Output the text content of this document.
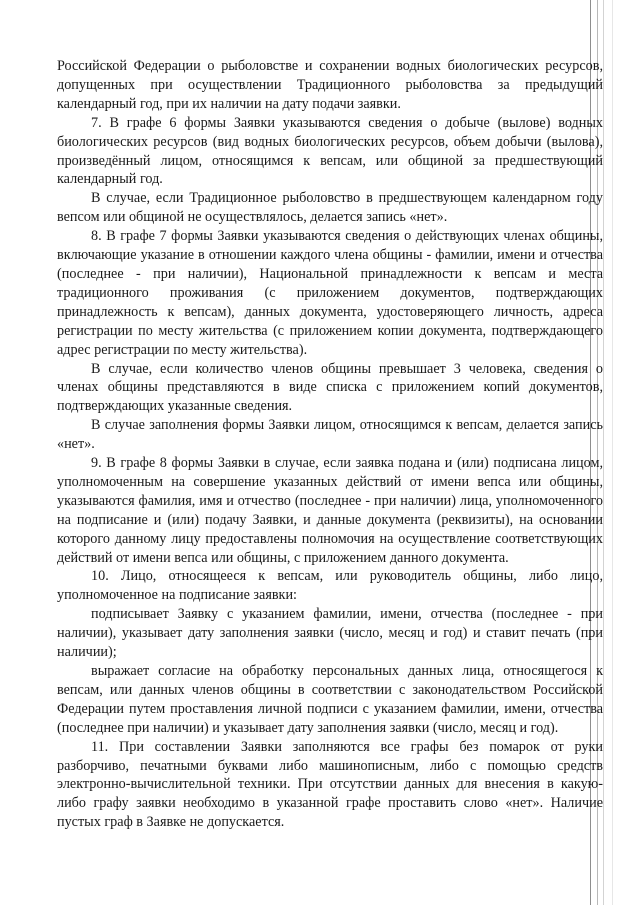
Российской Федерации о рыболовстве и сохранении водных биологических ресурсов, допущенных при осуществлении Традиционного рыболовства за предыдущий календарный год, при их наличии на дату подачи заявки.

7. В графе 6 формы Заявки указываются сведения о добыче (вылове) водных биологических ресурсов (вид водных биологических ресурсов, объем добычи (вылова), произведённый лицом, относящимся к вепсам, или общиной за предшествующий календарный год.

В случае, если Традиционное рыболовство в предшествующем календарном году вепсом или общиной не осуществлялось, делается запись «нет».

8. В графе 7 формы Заявки указываются сведения о действующих членах общины, включающие указание в отношении каждого члена общины - фамилии, имени и отчества (последнее - при наличии), Национальной принадлежности к вепсам и места традиционного проживания (с приложением документов, подтверждающих принадлежность к вепсам), данных документа, удостоверяющего личность, адреса регистрации по месту жительства (с приложением копии документа, подтверждающего адрес регистрации по месту жительства).

В случае, если количество членов общины превышает 3 человека, сведения о членах общины представляются в виде списка с приложением копий документов, подтверждающих указанные сведения.

В случае заполнения формы Заявки лицом, относящимся к вепсам, делается запись «нет».

9. В графе 8 формы Заявки в случае, если заявка подана и (или) подписана лицом, уполномоченным на совершение указанных действий от имени вепса или общины, указываются фамилия, имя и отчество (последнее - при наличии) лица, уполномоченного на подписание и (или) подачу Заявки, и данные документа (реквизиты), на основании которого данному лицу предоставлены полномочия на осуществление соответствующих действий от имени вепса или общины, с приложением данного документа.

10. Лицо, относящееся к вепсам, или руководитель общины, либо лицо, уполномоченное на подписание заявки:

подписывает Заявку с указанием фамилии, имени, отчества (последнее - при наличии), указывает дату заполнения заявки (число, месяц и год) и ставит печать (при наличии);

выражает согласие на обработку персональных данных лица, относящегося к вепсам, или данных членов общины в соответствии с законодательством Российской Федерации путем проставления личной подписи с указанием фамилии, имени, отчества (последнее при наличии) и указывает дату заполнения заявки (число, месяц и год).

11. При составлении Заявки заполняются все графы без помарок от руки разборчиво, печатными буквами либо машинописным, либо с помощью средств электронно-вычислительной техники. При отсутствии данных для внесения в какую-либо графу заявки необходимо в указанной графе проставить слово «нет». Наличие пустых граф в Заявке не допускается.
